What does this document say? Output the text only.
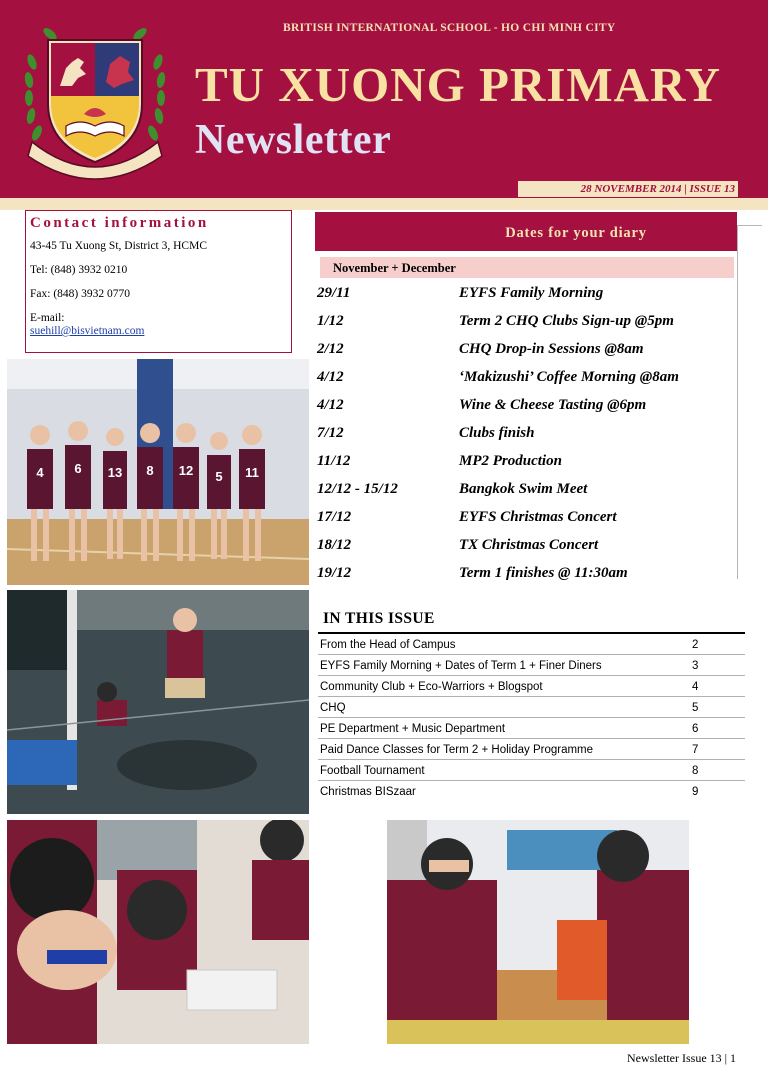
BRITISH INTERNATIONAL SCHOOL - HO CHI MINH CITY
TU XUONG PRIMARY
Newsletter
28 NOVEMBER 2014 | ISSUE 13
Contact information

43-45 Tu Xuong St, District 3, HCMC

Tel: (848) 3932 0210

Fax: (848) 3932 0770

E-mail:
suehill@bisvietnam.com

Dates for your diary
November + December
29/11	EYFS Family Morning
1/12	Term 2 CHQ Clubs Sign-up @5pm
2/12	CHQ Drop-in Sessions @8am
4/12	‘Makizushi’ Coffee Morning @8am
4/12	Wine & Cheese Tasting @6pm
7/12	Clubs finish
11/12	MP2 Production
12/12 - 15/12	Bangkok Swim Meet
17/12	EYFS Christmas Concert
18/12	TX Christmas Concert
19/12	Term 1 finishes @ 11:30am
4 6 13 8 12 5 11
IN THIS ISSUE
From the Head of Campus	2
EYFS Family Morning + Dates of Term 1 + Finer Diners	3
Community Club + Eco-Warriors + Blogspot	4
CHQ	5
PE Department + Music Department	6
Paid Dance Classes for Term 2 + Holiday Programme	7
Football Tournament	8
Christmas BISzaar	9
Newsletter Issue 13 | 1
